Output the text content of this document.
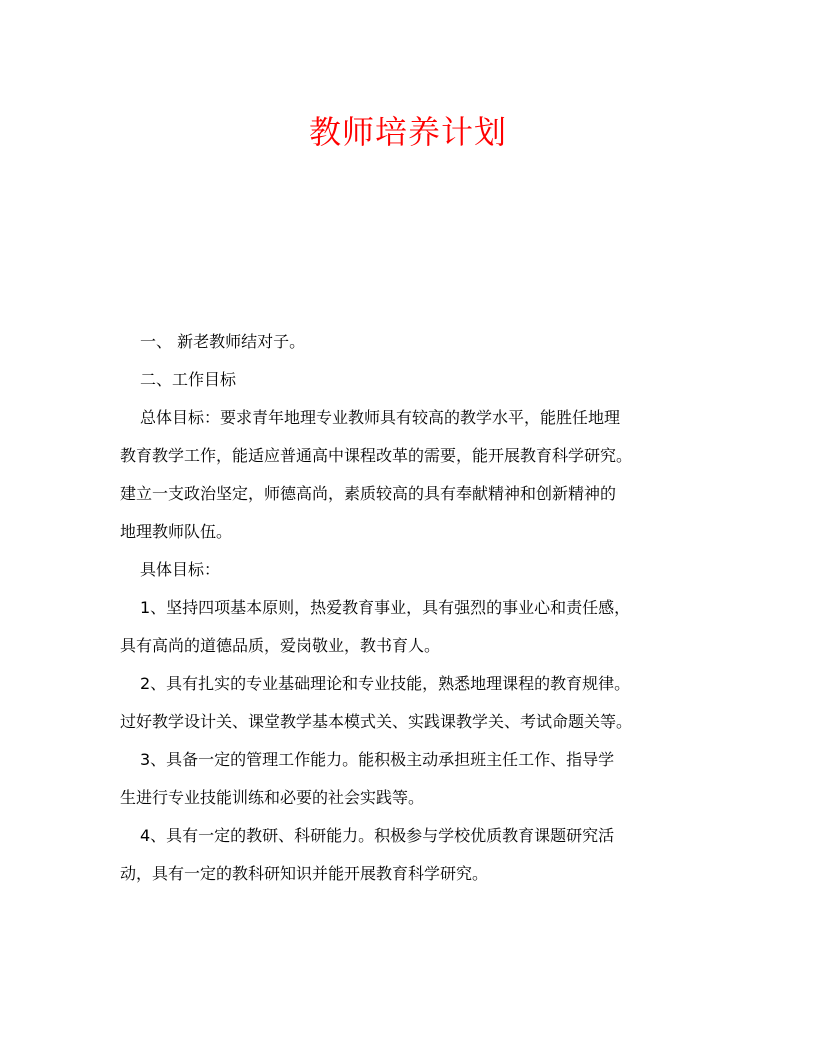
教师培养计划
一、 新老教师结对子。
二、工作目标
总体目标：要求青年地理专业教师具有较高的教学水平，能胜任地理
教育教学工作，能适应普通高中课程改革的需要，能开展教育科学研究。
建立一支政治坚定，师德高尚，素质较高的具有奉献精神和创新精神的
地理教师队伍。
具体目标：
1、坚持四项基本原则，热爱教育事业，具有强烈的事业心和责任感，
具有高尚的道德品质，爱岗敬业，教书育人。
2、具有扎实的专业基础理论和专业技能，熟悉地理课程的教育规律。
过好教学设计关、课堂教学基本模式关、实践课教学关、考试命题关等。
3、具备一定的管理工作能力。能积极主动承担班主任工作、指导学
生进行专业技能训练和必要的社会实践等。
4、具有一定的教研、科研能力。积极参与学校优质教育课题研究活
动，具有一定的教科研知识并能开展教育科学研究。
